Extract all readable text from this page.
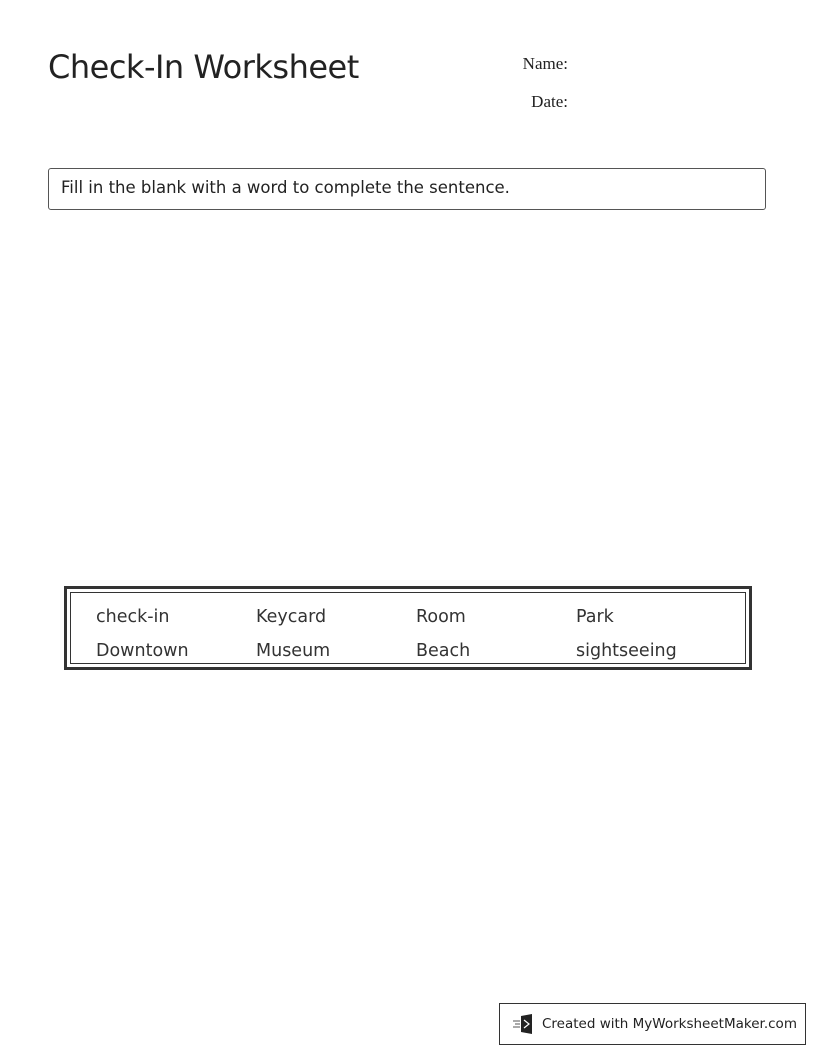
Check-In Worksheet	Name:
Date:
Fill in the blank with a word to complete the sentence.
check-in	Keycard	Room	Park
Downtown	Museum	Beach	sightseeing
Created with MyWorksheetMaker.com
